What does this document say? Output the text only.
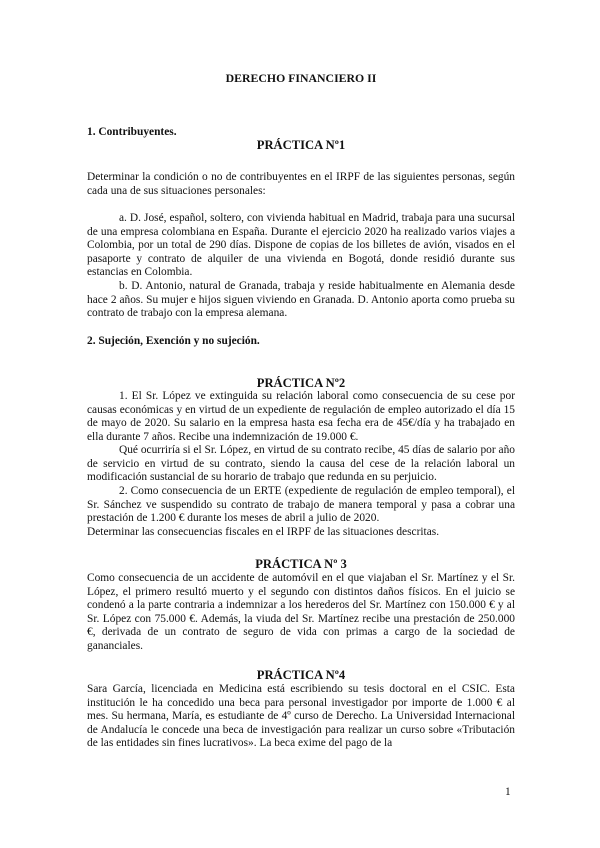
DERECHO FINANCIERO II
1. Contribuyentes.
PRÁCTICA Nº1
Determinar la condición o no de contribuyentes en el IRPF de las siguientes personas, según cada una de sus situaciones personales:
a. D. José, español, soltero, con vivienda habitual en Madrid, trabaja para una sucursal de una empresa colombiana en España. Durante el ejercicio 2020 ha realizado varios viajes a Colombia, por un total de 290 días. Dispone de copias de los billetes de avión, visados en el pasaporte y contrato de alquiler de una vivienda en Bogotá, donde residió durante sus estancias en Colombia.
b. D. Antonio, natural de Granada, trabaja y reside habitualmente en Alemania desde hace 2 años. Su mujer e hijos siguen viviendo en Granada. D. Antonio aporta como prueba su contrato de trabajo con la empresa alemana.
2. Sujeción, Exención y no sujeción.
PRÁCTICA Nº2
1. El Sr. López ve extinguida su relación laboral como consecuencia de su cese por causas económicas y en virtud de un expediente de regulación de empleo autorizado el día 15 de mayo de 2020. Su salario en la empresa hasta esa fecha era de 45€/día y ha trabajado en ella durante 7 años. Recibe una indemnización de 19.000 €.
Qué ocurriría si el Sr. López, en virtud de su contrato recibe, 45 días de salario por año de servicio en virtud de su contrato, siendo la causa del cese de la relación laboral un modificación sustancial de su horario de trabajo que redunda en su perjuicio.
2. Como consecuencia de un ERTE (expediente de regulación de empleo temporal), el Sr. Sánchez ve suspendido su contrato de trabajo de manera temporal y pasa a cobrar una prestación de 1.200 € durante los meses de abril a julio de 2020.
Determinar las consecuencias fiscales en el IRPF de las situaciones descritas.
PRÁCTICA Nº 3
Como consecuencia de un accidente de automóvil en el que viajaban el Sr. Martínez y el Sr. López, el primero resultó muerto y el segundo con distintos daños físicos. En el juicio se condenó a la parte contraria a indemnizar a los herederos del Sr. Martínez con 150.000 € y al Sr. López con 75.000 €. Además, la viuda del Sr. Martínez recibe una prestación de 250.000 €, derivada de un contrato de seguro de vida con primas a cargo de la sociedad de gananciales.
PRÁCTICA Nº4
Sara García, licenciada en Medicina está escribiendo su tesis doctoral en el CSIC. Esta institución le ha concedido una beca para personal investigador por importe de 1.000 € al mes. Su hermana, María, es estudiante de 4º curso de Derecho. La Universidad Internacional de Andalucía le concede una beca de investigación para realizar un curso sobre «Tributación de las entidades sin fines lucrativos». La beca exime del pago de la
1
